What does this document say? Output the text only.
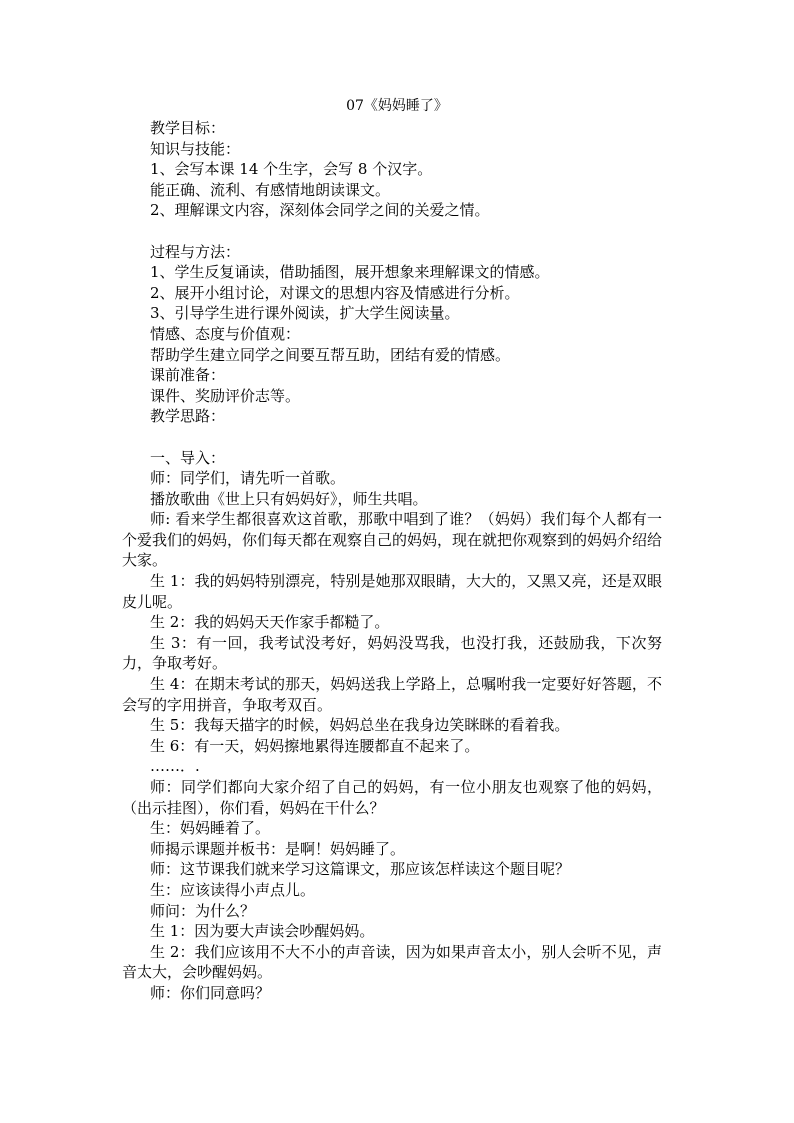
07《妈妈睡了》
教学目标：
知识与技能：
1、会写本课 14 个生字，会写 8 个汉字。
能正确、流利、有感情地朗读课文。
2、理解课文内容，深刻体会同学之间的关爱之情。
过程与方法：
1、学生反复诵读，借助插图，展开想象来理解课文的情感。
2、展开小组讨论，对课文的思想内容及情感进行分析。
3、引导学生进行课外阅读，扩大学生阅读量。
情感、态度与价值观：
帮助学生建立同学之间要互帮互助，团结有爱的情感。
课前准备：
课件、奖励评价志等。
教学思路：
一、导入：
师：同学们，请先听一首歌。
播放歌曲《世上只有妈妈好》，师生共唱。
师: 看来学生都很喜欢这首歌，那歌中唱到了谁？（妈妈）我们每个人都有一个爱我们的妈妈，你们每天都在观察自己的妈妈，现在就把你观察到的妈妈介绍给大家。
生 1：我的妈妈特别漂亮，特别是她那双眼睛，大大的，又黑又亮，还是双眼皮儿呢。
生 2：我的妈妈天天作家手都糙了。
生 3：有一回，我考试没考好，妈妈没骂我，也没打我，还鼓励我，下次努力，争取考好。
生 4：在期末考试的那天，妈妈送我上学路上，总嘱咐我一定要好好答题，不会写的字用拼音，争取考双百。
生 5：我每天描字的时候，妈妈总坐在我身边笑眯眯的看着我。
生 6：有一天，妈妈擦地累得连腰都直不起来了。
……．.
师：同学们都向大家介绍了自己的妈妈，有一位小朋友也观察了他的妈妈，（出示挂图），你们看，妈妈在干什么？
生：妈妈睡着了。
师揭示课题并板书：是啊！妈妈睡了。
师：这节课我们就来学习这篇课文，那应该怎样读这个题目呢？
生：应该读得小声点儿。
师问：为什么？
生 1：因为要大声读会吵醒妈妈。
生 2：我们应该用不大不小的声音读，因为如果声音太小，别人会听不见，声音太大，会吵醒妈妈。
师：你们同意吗？
